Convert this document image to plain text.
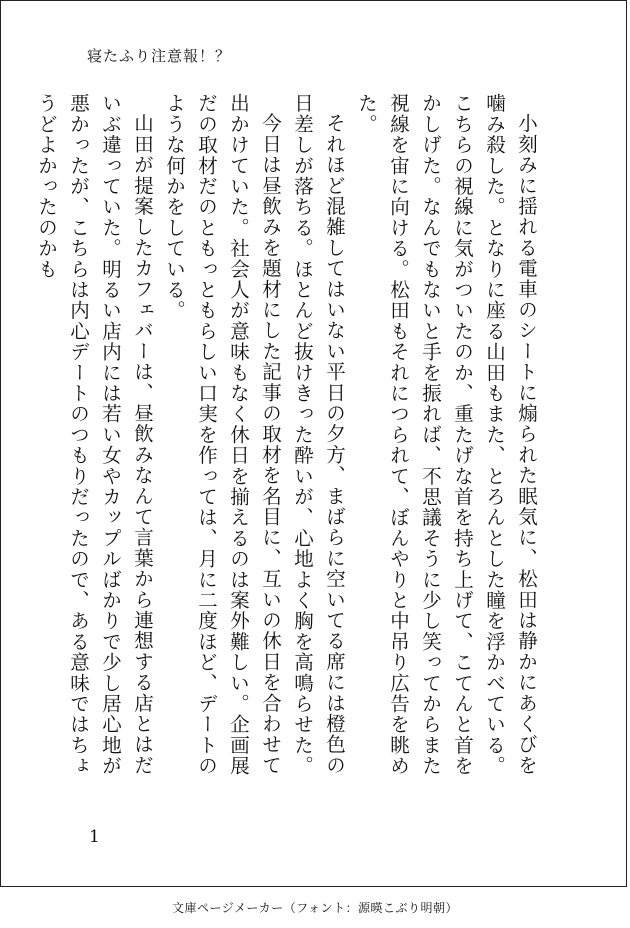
寝たふり注意報！？

小刻みに揺れる電車のシートに煽られた眠気に、松田は静かにあくびを噛み殺した。となりに座る山田もまた、とろんとした瞳を浮かべている。こちらの視線に気がついたのか、重たげな首を持ち上げて、こてんと首をかしげた。なんでもないと手を振れば、不思議そうに少し笑ってからまた視線を宙に向ける。松田もそれにつられて、ぼんやりと中吊り広告を眺めた。

それほど混雑してはいない平日の夕方、まばらに空いてる席には橙色の日差しが落ちる。ほとんど抜けきった酔いが、心地よく胸を高鳴らせた。

今日は昼飲みを題材にした記事の取材を名目に、互いの休日を合わせて出かけていた。社会人が意味もなく休日を揃えるのは案外難しい。企画展だの取材だのともっともらしい口実を作っては、月に二度ほど、デートのような何かをしている。

山田が提案したカフェバーは、昼飲みなんて言葉から連想する店とはだいぶ違っていた。明るい店内には若い女やカップルばかりで少し居心地が悪かったが、こちらは内心デートのつもりだったので、ある意味ではちょうどよかったのかも

1
文庫ページメーカー（フォント：源暎こぶり明朝）
